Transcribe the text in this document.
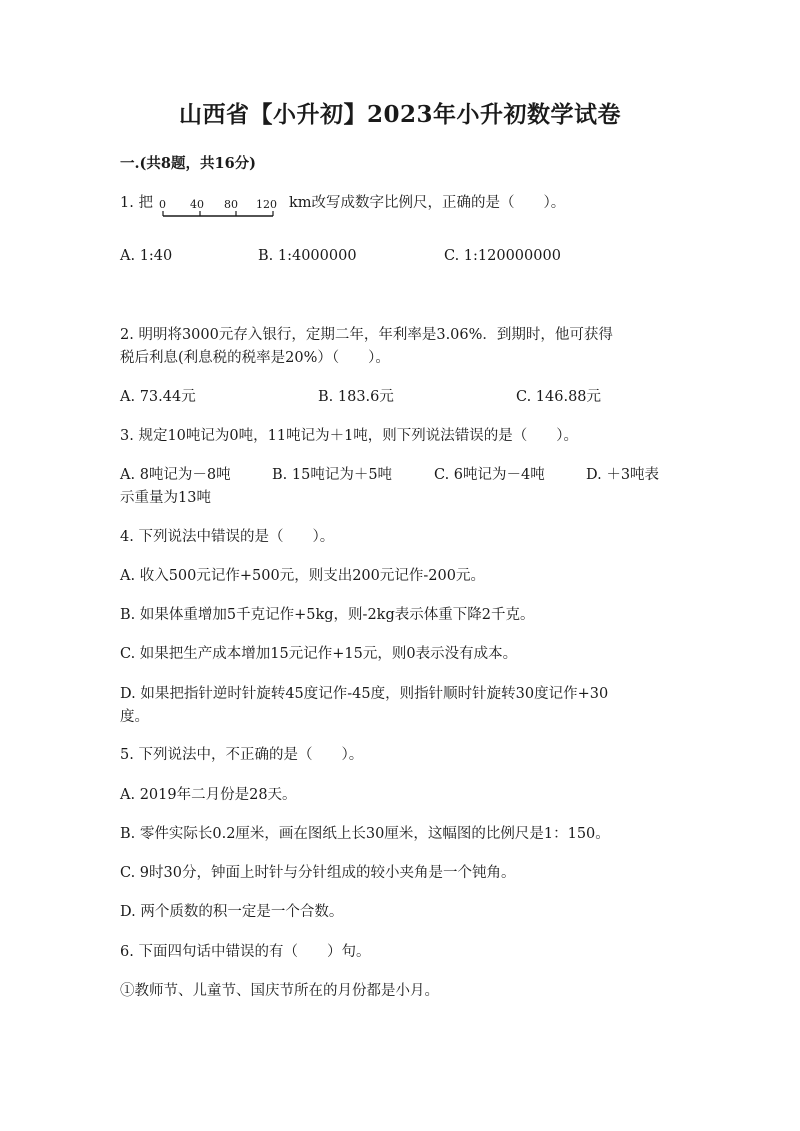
山西省【小升初】2023年小升初数学试卷
一.(共8题，共16分)
1. 把 0 40 80 120 km改写成数字比例尺，正确的是（　　）。
A. 1:40	B. 1:4000000	C. 1:120000000
2. 明明将3000元存入银行，定期二年，年利率是3.06%．到期时，他可获得
税后利息(利息税的税率是20%）（　　）。
A. 73.44元	B. 183.6元	C. 146.88元
3. 规定10吨记为0吨，11吨记为＋1吨，则下列说法错误的是（　　）。
A. 8吨记为－8吨	B. 15吨记为＋5吨	C. 6吨记为－4吨	D. ＋3吨表
示重量为13吨
4. 下列说法中错误的是（　　）。
A. 收入500元记作+500元，则支出200元记作-200元。
B. 如果体重增加5千克记作+5kg，则-2kg表示体重下降2千克。
C. 如果把生产成本增加15元记作+15元，则0表示没有成本。
D. 如果把指针逆时针旋转45度记作-45度，则指针顺时针旋转30度记作+30
度。
5. 下列说法中，不正确的是（　　）。
A. 2019年二月份是28天。
B. 零件实际长0.2厘米，画在图纸上长30厘米，这幅图的比例尺是1：150。
C. 9时30分，钟面上时针与分针组成的较小夹角是一个钝角。
D. 两个质数的积一定是一个合数。
6. 下面四句话中错误的有（　　）句。
①教师节、儿童节、国庆节所在的月份都是小月。
